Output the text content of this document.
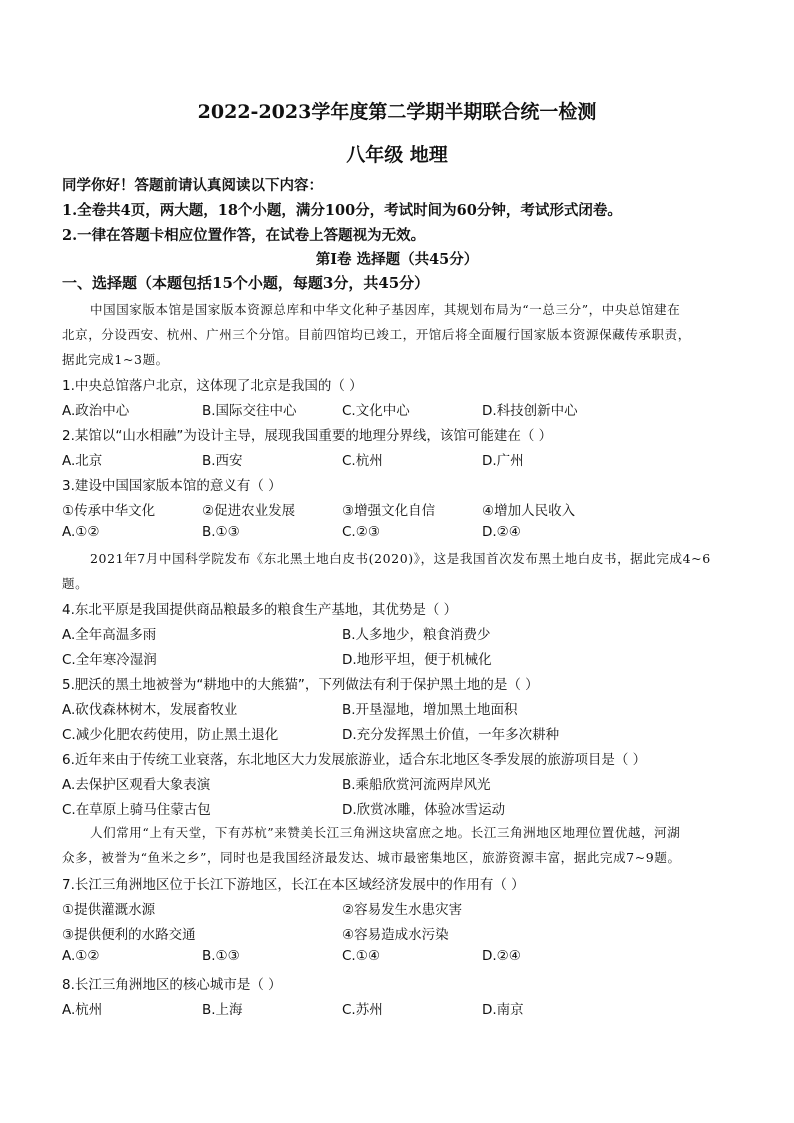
2022-2023学年度第二学期半期联合统一检测
八年级 地理
同学你好！答题前请认真阅读以下内容：
1.全卷共4页，两大题，18个小题，满分100分，考试时间为60分钟，考试形式闭卷。
2.一律在答题卡相应位置作答，在试卷上答题视为无效。
第Ⅰ卷 选择题（共45分）
一、选择题（本题包括15个小题，每题3分，共45分）
中国国家版本馆是国家版本资源总库和中华文化种子基因库，其规划布局为“一总三分”，中央总馆建在
北京，分设西安、杭州、广州三个分馆。目前四馆均已竣工，开馆后将全面履行国家版本资源保藏传承职责，
据此完成1~3题。
1.中央总馆落户北京，这体现了北京是我国的（ ）
A.政治中心	B.国际交往中心	C.文化中心	D.科技创新中心
2.某馆以“山水相融”为设计主导，展现我国重要的地理分界线，该馆可能建在（ ）
A.北京	B.西安	C.杭州	D.广州
3.建设中国国家版本馆的意义有（ ）
①传承中华文化	②促进农业发展	③增强文化自信	④增加人民收入
A.①②	B.①③	C.②③	D.②④
2021年7月中国科学院发布《东北黑土地白皮书(2020)》，这是我国首次发布黑土地白皮书，据此完成4~6
题。
4.东北平原是我国提供商品粮最多的粮食生产基地，其优势是（ ）
A.全年高温多雨	B.人多地少，粮食消费少
C.全年寒冷湿润	D.地形平坦，便于机械化
5.肥沃的黑土地被誉为“耕地中的大熊猫”，下列做法有利于保护黑土地的是（ ）
A.砍伐森林树木，发展畜牧业	B.开垦湿地，增加黑土地面积
C.减少化肥农药使用，防止黑土退化	D.充分发挥黑土价值，一年多次耕种
6.近年来由于传统工业衰落，东北地区大力发展旅游业，适合东北地区冬季发展的旅游项目是（ ）
A.去保护区观看大象表演	B.乘船欣赏河流两岸风光
C.在草原上骑马住蒙古包	D.欣赏冰雕，体验冰雪运动
人们常用“上有天堂，下有苏杭”来赞美长江三角洲这块富庶之地。长江三角洲地区地理位置优越，河湖
众多，被誉为“鱼米之乡”，同时也是我国经济最发达、城市最密集地区，旅游资源丰富，据此完成7~9题。
7.长江三角洲地区位于长江下游地区，长江在本区域经济发展中的作用有（ ）
①提供灌溉水源	②容易发生水患灾害
③提供便利的水路交通	④容易造成水污染
A.①②	B.①③	C.①④	D.②④
8.长江三角洲地区的核心城市是（ ）
A.杭州	B.上海	C.苏州	D.南京
